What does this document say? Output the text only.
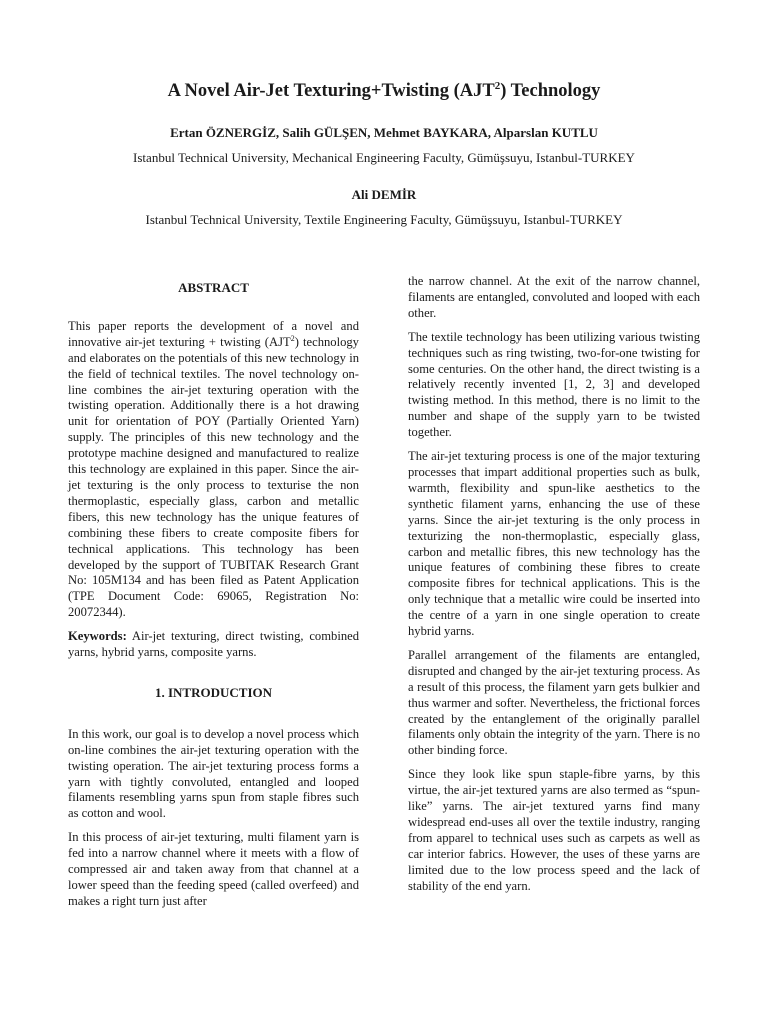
A Novel Air-Jet Texturing+Twisting (AJT$^2$) Technology
Ertan ÖZNERGİZ, Salih GÜLŞEN, Mehmet BAYKARA, Alparslan KUTLU
Istanbul Technical University, Mechanical Engineering Faculty, Gümüşsuyu, Istanbul-TURKEY
Ali DEMİR
Istanbul Technical University, Textile Engineering Faculty, Gümüşsuyu, Istanbul-TURKEY
ABSTRACT

This paper reports the development of a novel and innovative air-jet texturing + twisting (AJT$^2$) technology and elaborates on the potentials of this new technology in the field of technical textiles. The novel technology on-line combines the air-jet texturing operation with the twisting operation. Additionally there is a hot drawing unit for orientation of POY (Partially Oriented Yarn) supply. The principles of this new technology and the prototype machine designed and manufactured to realize this technology are explained in this paper. Since the air-jet texturing is the only process to texturise the non thermoplastic, especially glass, carbon and metallic fibers, this new technology has the unique features of combining these fibers to create composite fibers for technical applications. This technology has been developed by the support of TUBITAK Research Grant No: 105M134 and has been filed as Patent Application (TPE Document Code: 69065, Registration No: 20072344).

Keywords: Air-jet texturing, direct twisting, combined yarns, hybrid yarns, composite yarns.

1. INTRODUCTION

In this work, our goal is to develop a novel process which on-line combines the air-jet texturing operation with the twisting operation. The air-jet texturing process forms a yarn with tightly convoluted, entangled and looped filaments resembling yarns spun from staple fibres such as cotton and wool.

In this process of air-jet texturing, multi filament yarn is fed into a narrow channel where it meets with a flow of compressed air and taken away from that channel at a lower speed than the feeding speed (called overfeed) and makes a right turn just after

the narrow channel. At the exit of the narrow channel, filaments are entangled, convoluted and looped with each other.

The textile technology has been utilizing various twisting techniques such as ring twisting, two-for-one twisting for some centuries. On the other hand, the direct twisting is a relatively recently invented [1, 2, 3] and developed twisting method. In this method, there is no limit to the number and shape of the supply yarn to be twisted together.

The air-jet texturing process is one of the major texturing processes that impart additional properties such as bulk, warmth, flexibility and spun-like aesthetics to the synthetic filament yarns, enhancing the use of these yarns. Since the air-jet texturing is the only process in texturizing the non-thermoplastic, especially glass, carbon and metallic fibres, this new technology has the unique features of combining these fibres to create composite fibres for technical applications. This is the only technique that a metallic wire could be inserted into the centre of a yarn in one single operation to create hybrid yarns.

Parallel arrangement of the filaments are entangled, disrupted and changed by the air-jet texturing process. As a result of this process, the filament yarn gets bulkier and thus warmer and softer. Nevertheless, the frictional forces created by the entanglement of the originally parallel filaments only obtain the integrity of the yarn. There is no other binding force.

Since they look like spun staple-fibre yarns, by this virtue, the air-jet textured yarns are also termed as “spun-like” yarns. The air-jet textured yarns find many widespread end-uses all over the textile industry, ranging from apparel to technical uses such as carpets as well as car interior fabrics. However, the uses of these yarns are limited due to the low process speed and the lack of stability of the end yarn.
